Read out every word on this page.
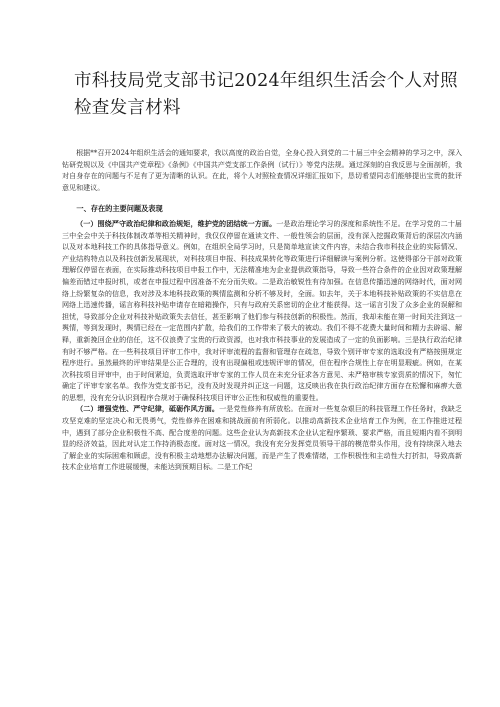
市科技局党支部书记2024年组织生活会个人对照检查发言材料

根据**召开2024年组织生活会的通知要求，我以高度的政治自觉，全身心投入到党的二十届三中全会精神的学习之中，深入钻研党规以及《中国共产党章程》《条例》《中国共产党支部工作条例（试行）》等党内法规。通过深刻的自我反思与全面剖析，我对自身存在的问题与不足有了更为清晰的认识。在此，将个人对照检查情况详细汇报如下，恳切希望同志们能够提出宝贵的批评意见和建议。

一、存在的主要问题及表现

（一）围绕严守政治纪律和政治规矩，维护党的团结统一方面。一是政治理论学习的深度和系统性不足。在学习党的二十届三中全会中关于科技体制改革等相关精神时，我仅仅停留在通读文件、一般性领会的层面，没有深入挖掘政策背后的深层次内涵以及对本地科技工作的具体指导意义。例如，在组织全局学习时，只是简单地宣读文件内容，未结合我市科技企业的实际情况、产业结构特点以及科技创新发展现状，对科技项目申报、科技成果转化等政策进行详细解读与案例分析。这使得部分干部对政策理解仅停留在表面，在实际推动科技项目申报工作中，无法精准地为企业提供政策指导，导致一些符合条件的企业因对政策理解偏差而错过申报时机，或者在申报过程中因准备不充分而失败。二是政治敏锐性有待加强。在信息传播迅速的网络时代，面对网络上纷繁复杂的信息，我对涉及本地科技政策的舆情监测和分析不够及时，全面。如去年，关于本地科技补贴政策的不实信息在网络上迅速传播，谣言称科技补贴申请存在暗箱操作，只有与政府关系密切的企业才能获得。这一谣言引发了众多企业的误解和担忧，导致部分企业对科技补贴政策失去信任，甚至影响了他们参与科技创新的积极性。然而，我却未能在第一时间关注到这一舆情，等到发现时，舆情已经在一定范围内扩散，给我们的工作带来了极大的被动。我们不得不花费大量时间和精力去辟谣、解释，重新挽回企业的信任，这不仅浪费了宝贵的行政资源，也对我市科技事业的发展造成了一定的负面影响。三是执行政治纪律有时不够严格。在一些科技项目评审工作中，我对评审流程的监督和管理存在疏忽，导致个别评审专家的选取没有严格按照规定程序进行。虽然最终的评审结果是公正合理的，没有出现偏租或违规评审的情况，但在程序合规性上存在明显瑕疵。例如，在某次科技项目评审中，由于时间紧迫，负责选取评审专家的工作人员在未充分征求各方意见、未严格审核专家资质的情况下，匆忙确定了评审专家名单。我作为党支部书记，没有及时发现并纠正这一问题，这反映出我在执行政治纪律方面存在松懈和麻痹大意的思想，没有充分认识到程序合规对于确保科技项目评审公正性和权威性的重要性。

（二）增强党性、严守纪律，砥砺作风方面。一是党性修养有所放松。在面对一些复杂艰巨的科技管理工作任务时，我缺乏攻坚克难的坚定决心和无畏勇气，党性修养在困难和挑战面前有所弱化。以推动高新技术企业培育工作为例，在工作推进过程中，遇到了部分企业积极性不高、配合度差的问题。这些企业认为高新技术企业认定程序繁琐、要求严格，而且短期内看不到明显的经济效益，因此对认定工作持消极态度。面对这一情况，我没有充分发挥党员领导干部的模范带头作用，没有持续深入地去了解企业的实际困难和顾虑，没有积极主动地想办法解决问题，而是产生了畏难情绪，工作积极性和主动性大打折扣，导致高新技术企业培育工作进展缓慢，未能达到预期目标。二是工作纪
